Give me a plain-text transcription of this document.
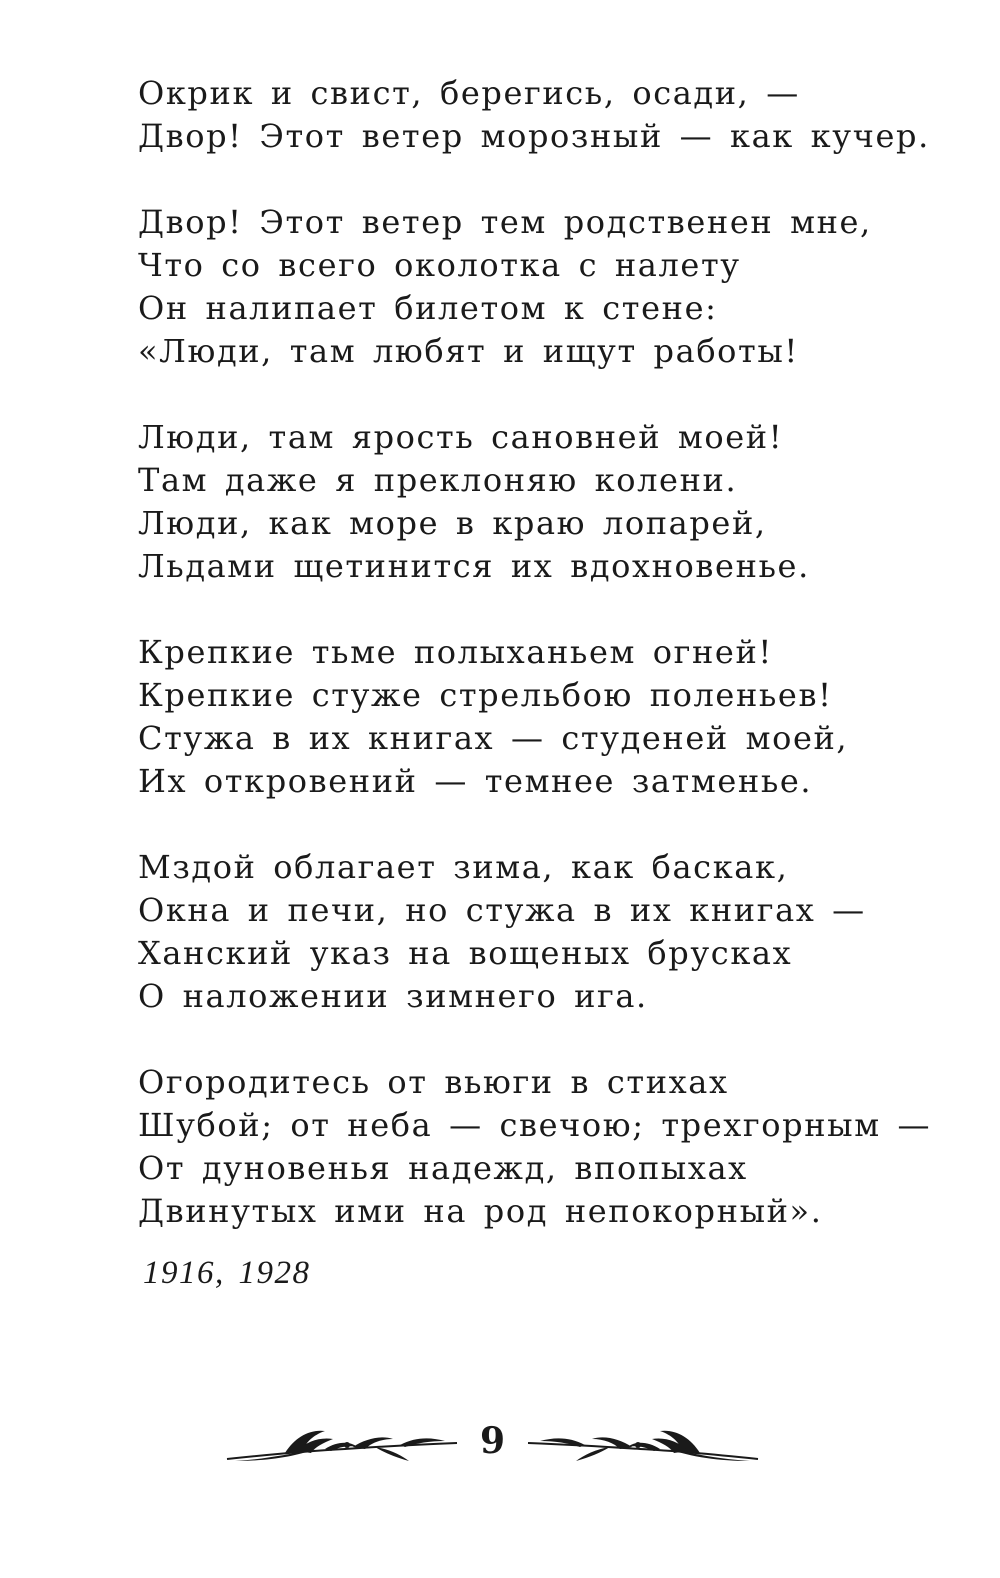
Окрик и свист, берегись, осади, —
Двор! Этот ветер морозный — как кучер.
Двор! Этот ветер тем родственен мне,
Что со всего околотка с налету
Он налипает билетом к стене:
«Люди, там любят и ищут работы!
Люди, там ярость сановней моей!
Там даже я преклоняю колени.
Люди, как море в краю лопарей,
Льдами щетинится их вдохновенье.
Крепкие тьме полыханьем огней!
Крепкие стуже стрельбою поленьев!
Стужа в их книгах — студеней моей,
Их откровений — темнее затменье.
Мздой облагает зима, как баскак,
Окна и печи, но стужа в их книгах —
Ханский указ на вощеных брусках
О наложении зимнего ига.
Огородитесь от вьюги в стихах
Шубой; от неба — свечою; трехгорным —
От дуновенья надежд, впопыхах
Двинутых ими на род непокорный».
1916, 1928
9
